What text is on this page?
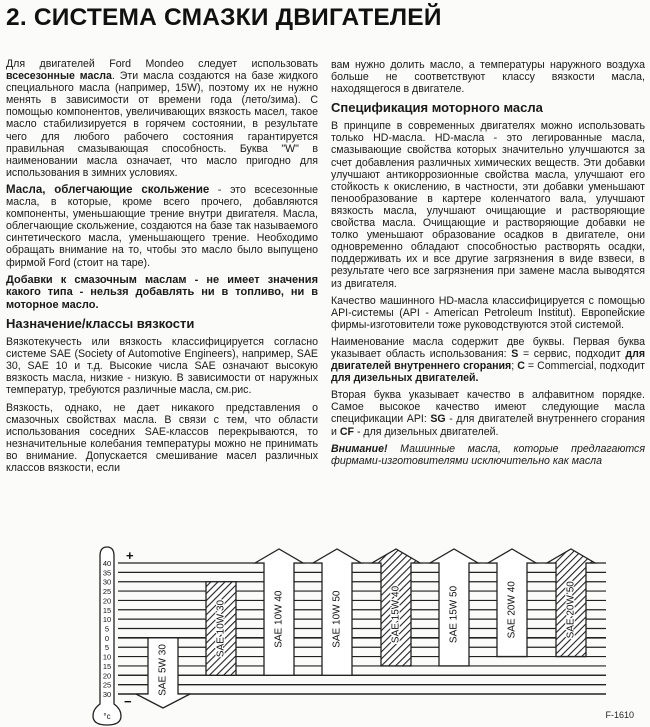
2. СИСТЕМА СМАЗКИ ДВИГАТЕЛЕЙ

Для двигателей Ford Mondeo следует использовать всесезонные масла. Эти масла создаются на базе жидкого специального масла (например, 15W), поэтому их не нужно менять в зависимости от времени года (лето/зима). С помощью компонентов, увеличивающих вязкость масел, такое масло стабилизируется в горячем состоянии, в результате чего для любого рабочего состояния гарантируется правильная смазывающая способность. Буква "W" в наименовании масла означает, что масло пригодно для использования в зимних условиях.

Масла, облегчающие скольжение - это всесезонные масла, в которые, кроме всего прочего, добавляются компоненты, уменьшающие трение внутри двигателя. Масла, облегчающие скольжение, создаются на базе так называемого синтетического масла, уменьшающего трение. Необходимо обращать внимание на то, чтобы это масло было выпущено фирмой Ford (стоит на таре).

Добавки к смазочным маслам - не имеет значения какого типа - нельзя добавлять ни в топливо, ни в моторное масло.

Назначение/классы вязкости

Вязкотекучесть или вязкость классифицируется согласно системе SAE (Society of Automotive Engineers), например, SAE 30, SAE 10 и т.д. Высокие числа SAE означают высокую вязкость масла, низкие - низкую. В зависимости от наружных температур, требуются различные масла, см.рис.

Вязкость, однако, не дает никакого представления о смазочных свойствах масла. В связи с тем, что области использования соседних SAE-классов перекрываются, то незначительные колебания температуры можно не принимать во внимание. Допускается смешивание масел различных классов вязкости, если

вам нужно долить масло, а температуры наружного воздуха больше не соответствуют классу вязкости масла, находящегося в двигателе.

Спецификация моторного масла

В принципе в современных двигателях можно использовать только HD-масла. HD-масла - это легированные масла, смазывающие свойства которых значительно улучшаются за счет добавления различных химических веществ. Эти добавки улучшают антикоррозионные свойства масла, улучшают его стойкость к окислению, в частности, эти добавки уменьшают пенообразование в картере коленчатого вала, улучшают вязкость масла, улучшают очищающие и растворяющие свойства масла. Очищающие и растворяющие добавки не толко уменьшают образование осадков в двигателе, они одновременно обладают способностью растворять осадки, поддерживать их и все другие загрязнения в виде взвеси, в результате чего все загрязнения при замене масла выводятся из двигателя.

Качество машинного HD-масла классифицируется с помощью API-системы (API - American Petroleum Institut). Европейские фирмы-изготовители тоже руководствуются этой системой.

Наименование масла содержит две буквы. Первая буква указывает область использования: S = сервис, подходит для двигателей внутреннего сгорания; C = Commercial, подходит для дизельных двигателей.

Вторая буква указывает качество в алфавитном порядке. Самое высокое качество имеют следующие масла спецификации API: SG - для двигателей внутреннего сгорания и CF - для дизельных двигателей.

Внимание! Машинные масла, которые предлагаются фирмами-изготовителями исключительно как масла

SAE 5W 30
SAE 10W 30	SAE 10W 40	SAE 10W 50	SAE 15W 40	SAE 15W 50	SAE 20W 40	SAE 20W 50
40
35
30
25
20
15
10
5
0
5
10
15
20
25
30
°c
+
−
F-1610
